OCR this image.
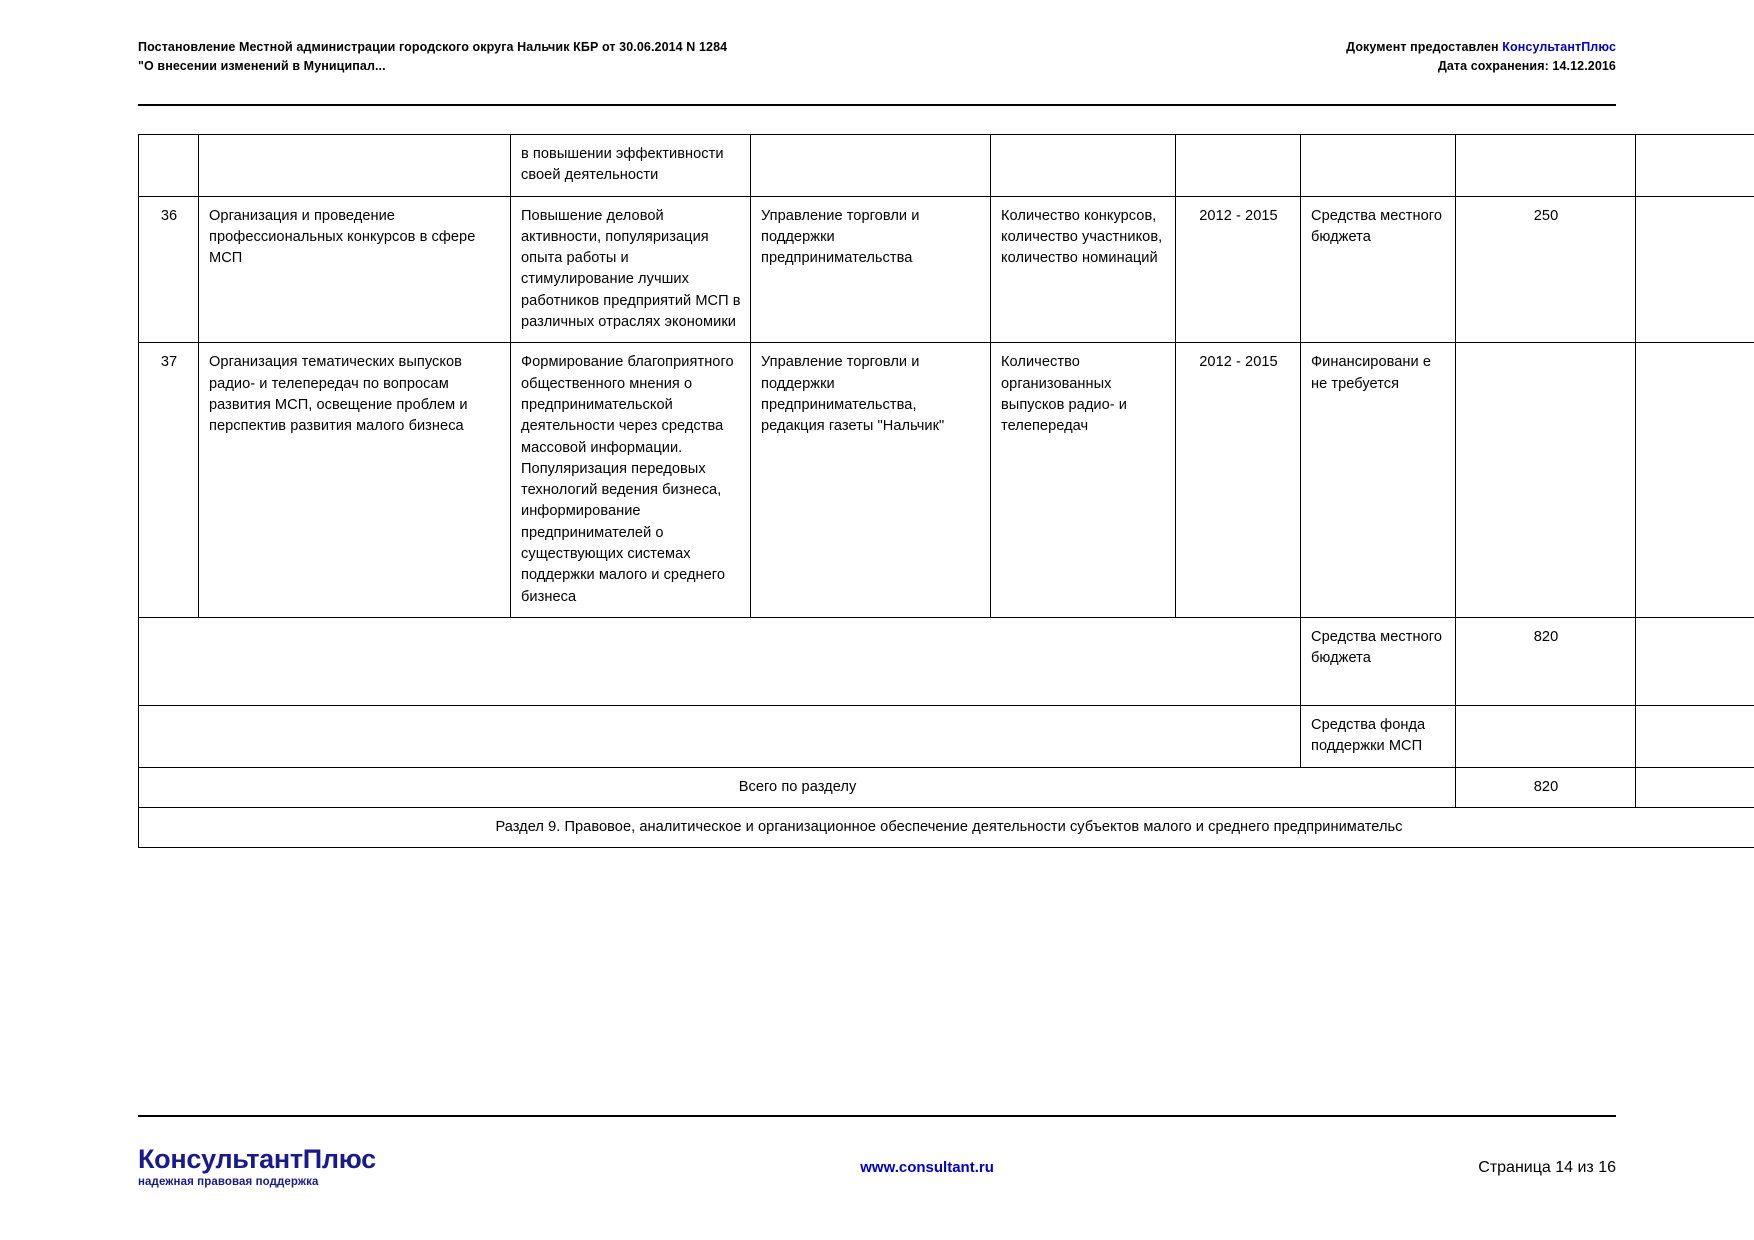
Постановление Местной администрации городского округа Нальчик КБР от 30.06.2014 N 1284
"О внесении изменений в Муниципал...
Документ предоставлен КонсультантПлюс
Дата сохранения: 14.12.2016
		в повышении эффективности своей деятельности						
36	Организация и проведение профессиональных конкурсов в сфере МСП	Повышение деловой активности, популяризация опыта работы и стимулирование лучших работников предприятий МСП в различных отраслях экономики	Управление торговли и поддержки предпринимательства	Количество конкурсов, количество участников, количество номинаций	2012 - 2015	Средства местного бюджета	250	
37	Организация тематических выпусков радио- и телепередач по вопросам развития МСП, освещение проблем и перспектив развития малого бизнеса	Формирование благоприятного общественного мнения о предпринимательской деятельности через средства массовой информации. Популяризация передовых технологий ведения бизнеса, информирование предпринимателей о существующих системах поддержки малого и среднего бизнеса	Управление торговли и поддержки предпринимательства, редакция газеты "Нальчик"	Количество организованных выпусков радио- и телепередач	2012 - 2015	Финансировани е не требуется		
						Средства местного бюджета	820	
						Средства фонда поддержки МСП		
Всего по разделу							820	
Раздел 9. Правовое, аналитическое и организационное обеспечение деятельности субъектов малого и среднего предпринимательс								
КонсультантПлюс
надежная правовая поддержка
www.consultant.ru	Страница 14 из 16
